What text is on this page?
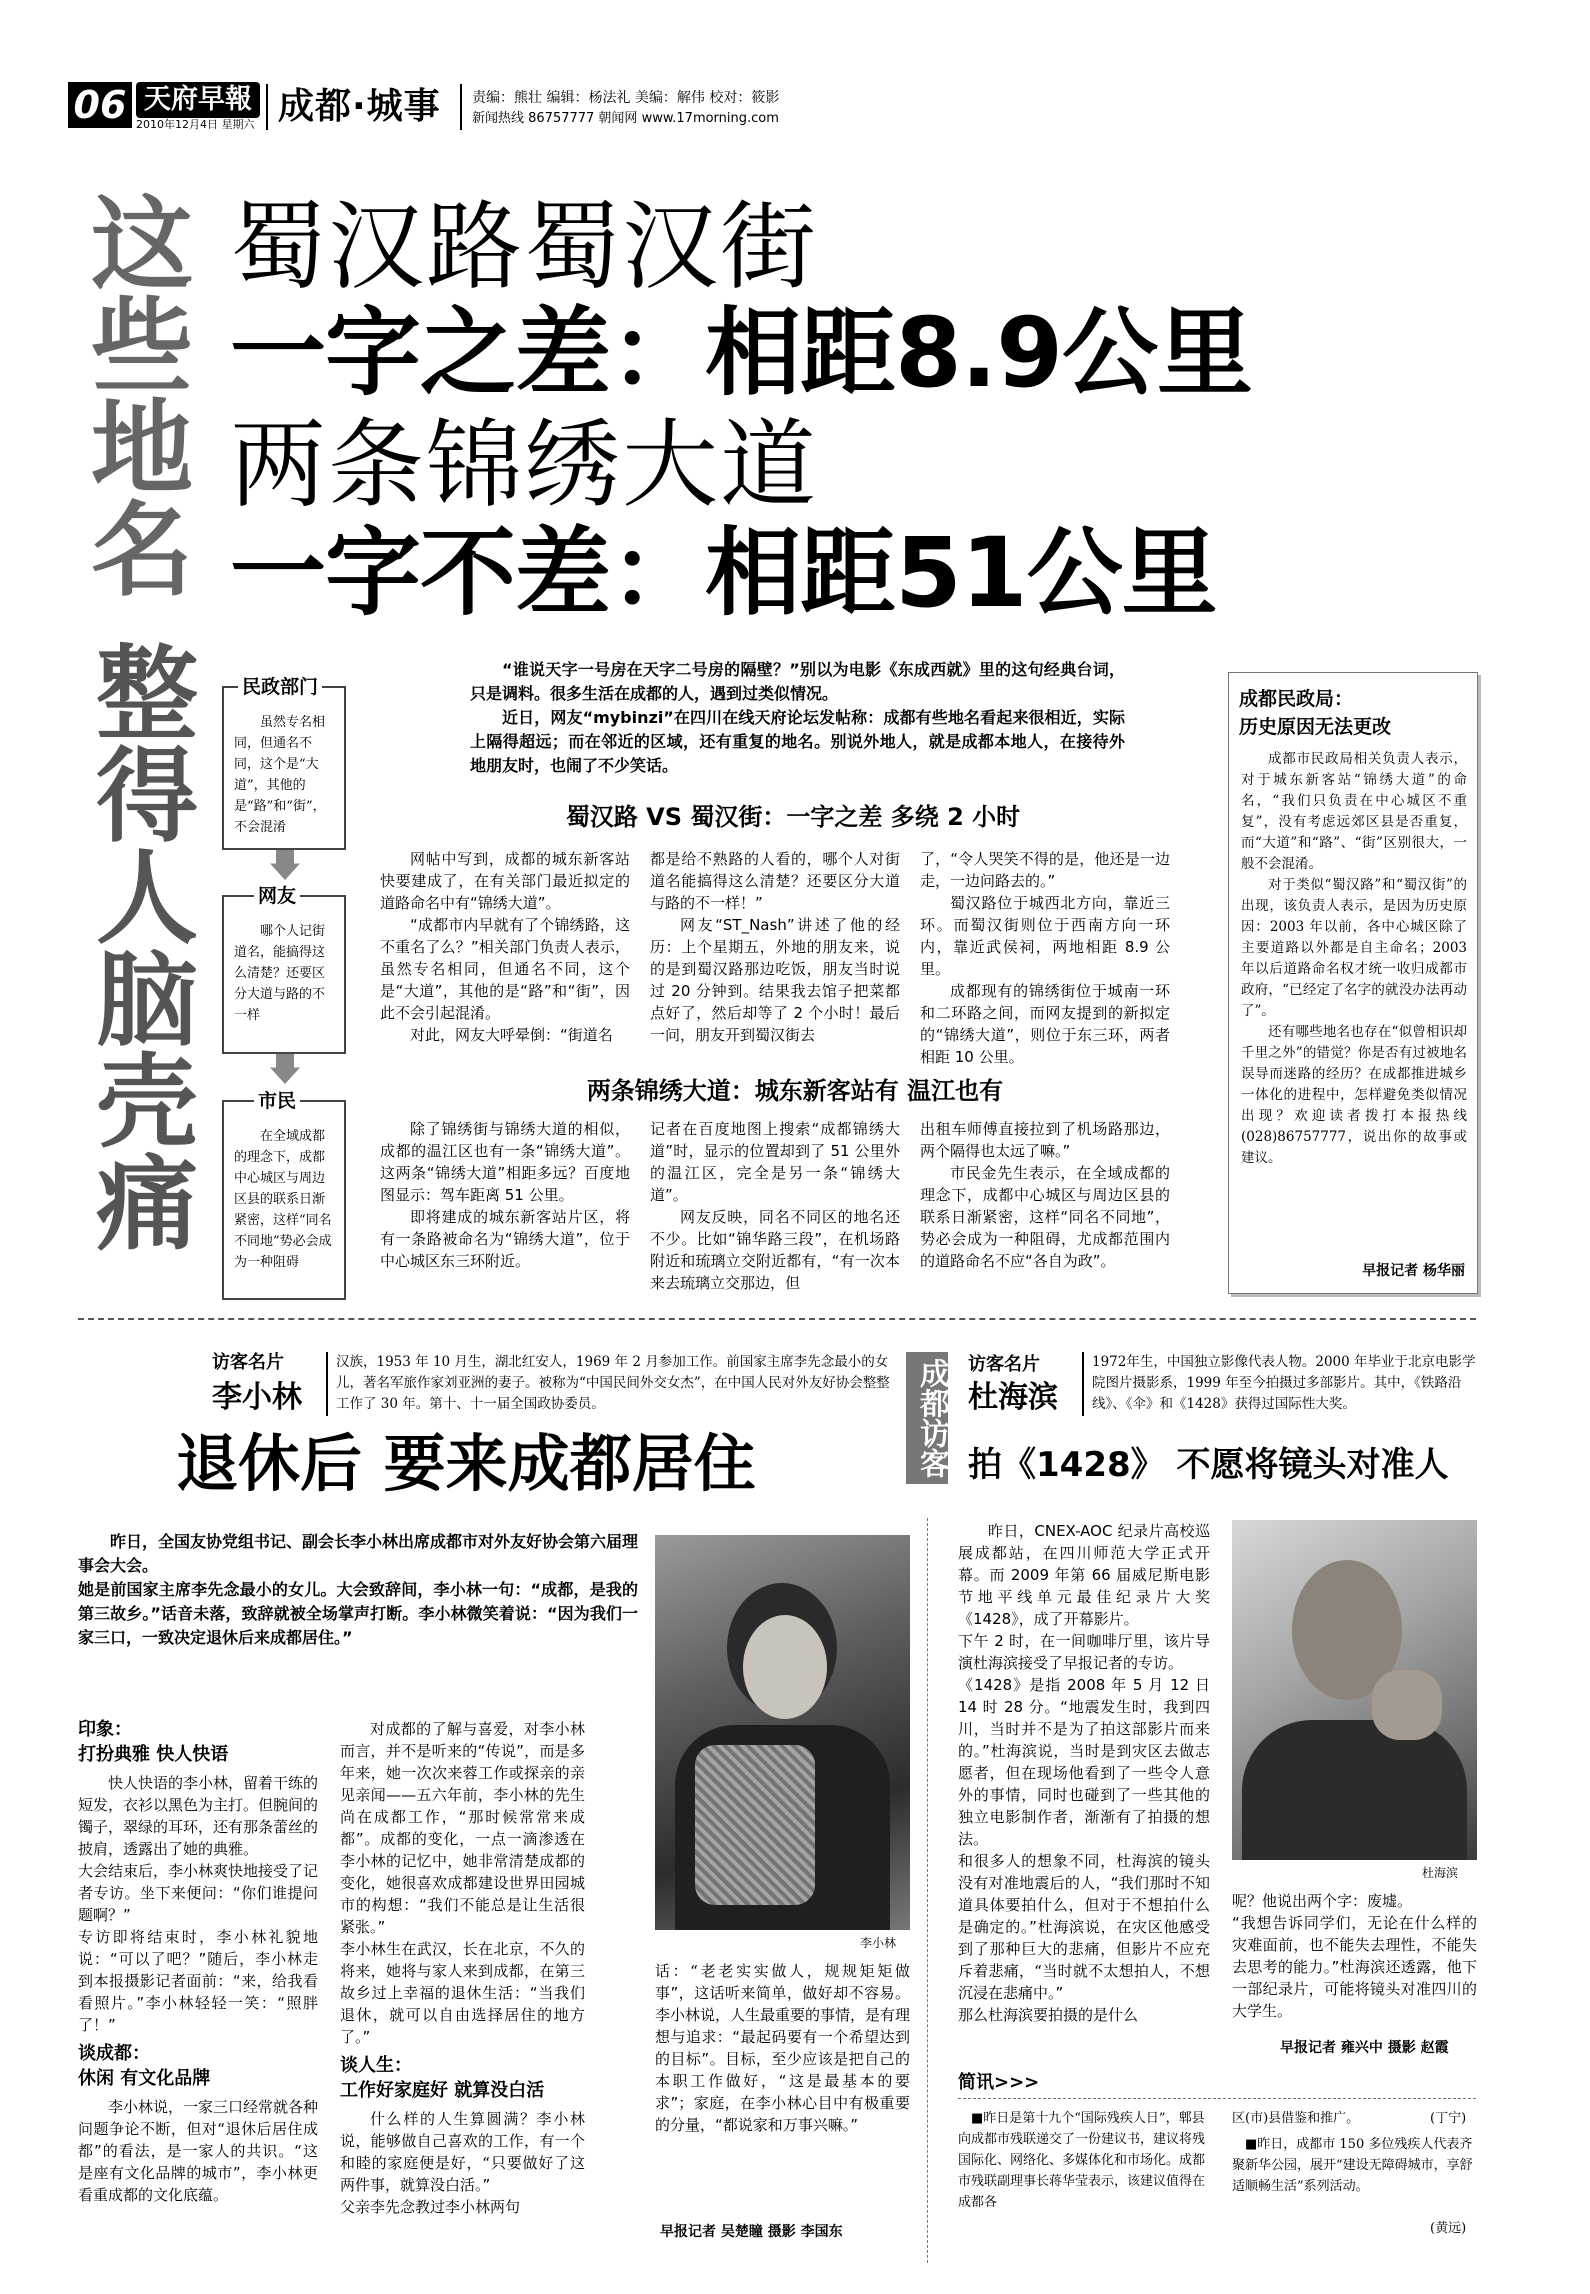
06 天府早報
2010年12月4日 星期六 成都·城事 责编：熊壮 编辑：杨法礼 美编：解伟 校对：筱影
新闻热线 86757777 朝闻网 www.17morning.com
这些地名
整得人脑壳痛
蜀汉路蜀汉街
一字之差：相距8.9公里
两条锦绣大道
一字不差：相距51公里
民政部门
虽然专名相同，但通名不同，这个是“大道”，其他的是“路”和“街”，不会混淆
网友
哪个人记街道名，能搞得这么清楚？还要区分大道与路的不一样
市民
在全域成都的理念下，成都中心城区与周边区县的联系日渐紧密，这样“同名不同地”势必会成为一种阻碍

“谁说天字一号房在天字二号房的隔壁？”别以为电影《东成西就》里的这句经典台词，只是调料。很多生活在成都的人，遇到过类似情况。

近日，网友“mybinzi”在四川在线天府论坛发帖称：成都有些地名看起来很相近，实际上隔得超远；而在邻近的区域，还有重复的地名。别说外地人，就是成都本地人，在接待外地朋友时，也闹了不少笑话。

蜀汉路 VS 蜀汉街：一字之差 多绕 2 小时

网帖中写到，成都的城东新客站快要建成了，在有关部门最近拟定的道路命名中有“锦绣大道”。

“成都市内早就有了个锦绣路，这不重名了么？”相关部门负责人表示，虽然专名相同，但通名不同，这个是“大道”，其他的是“路”和“街”，因此不会引起混淆。

对此，网友大呼晕倒：“街道名

都是给不熟路的人看的，哪个人对街道名能搞得这么清楚？还要区分大道与路的不一样！”

网友“ST_Nash”讲述了他的经历：上个星期五，外地的朋友来，说的是到蜀汉路那边吃饭，朋友当时说过 20 分钟到。结果我去馆子把菜都点好了，然后却等了 2 个小时！最后一问，朋友开到蜀汉街去

了，“令人哭笑不得的是，他还是一边走，一边问路去的。”

蜀汉路位于城西北方向，靠近三环。而蜀汉街则位于西南方向一环内，靠近武侯祠，两地相距 8.9 公里。

成都现有的锦绣街位于城南一环和二环路之间，而网友提到的新拟定的“锦绣大道”，则位于东三环，两者相距 10 公里。

两条锦绣大道：城东新客站有 温江也有

除了锦绣街与锦绣大道的相似，成都的温江区也有一条“锦绣大道”。这两条“锦绣大道”相距多远？百度地图显示：驾车距离 51 公里。

即将建成的城东新客站片区，将有一条路被命名为“锦绣大道”，位于中心城区东三环附近。

记者在百度地图上搜索“成都锦绣大道”时，显示的位置却到了 51 公里外的温江区，完全是另一条“锦绣大道”。

网友反映，同名不同区的地名还不少。比如“锦华路三段”，在机场路附近和琉璃立交附近都有，“有一次本来去琉璃立交那边，但

出租车师傅直接拉到了机场路那边，两个隔得也太远了嘛。”

市民金先生表示，在全域成都的理念下，成都中心城区与周边区县的联系日渐紧密，这样“同名不同地”，势必会成为一种阻碍，尤成都范围内的道路命名不应“各自为政”。

成都民政局：
历史原因无法更改

成都市民政局相关负责人表示，对于城东新客站“锦绣大道”的命名，“我们只负责在中心城区不重复”，没有考虑远郊区县是否重复，而“大道”和“路”、“街”区别很大，一般不会混淆。

对于类似“蜀汉路”和“蜀汉街”的出现，该负责人表示，是因为历史原因：2003 年以前，各中心城区除了主要道路以外都是自主命名；2003 年以后道路命名权才统一收归成都市政府，“已经定了名字的就没办法再动了”。

还有哪些地名也存在“似曾相识却千里之外”的错觉？你是否有过被地名误导而迷路的经历？在成都推进城乡一体化的进程中，怎样避免类似情况出现？欢迎读者拨打本报热线 (028)86757777，说出你的故事或建议。

早报记者 杨华丽
访客名片
李小林
汉族，1953 年 10 月生，湖北红安人，1969 年 2 月参加工作。前国家主席李先念最小的女儿，著名军旅作家刘亚洲的妻子。被称为“中国民间外交女杰”，在中国人民对外友好协会整整工作了 30 年。第十、十一届全国政协委员。
退休后 要来成都居住

昨日，全国友协党组书记、副会长李小林出席成都市对外友好协会第六届理事会大会。
她是前国家主席李先念最小的女儿。大会致辞间，李小林一句：“成都，是我的第三故乡。”话音未落，致辞就被全场掌声打断。李小林微笑着说：“因为我们一家三口，一致决定退休后来成都居住。”

李小林
印象：
打扮典雅 快人快语

快人快语的李小林，留着干练的短发，衣衫以黑色为主打。但腕间的镯子，翠绿的耳环，还有那条蕾丝的披肩，透露出了她的典雅。
大会结束后，李小林爽快地接受了记者专访。坐下来便问：“你们谁提问题啊？”
专访即将结束时，李小林礼貌地说：“可以了吧？”随后，李小林走到本报摄影记者面前：“来，给我看看照片。”李小林轻轻一笑：“照胖了！”

谈成都：
休闲 有文化品牌

李小林说，一家三口经常就各种问题争论不断，但对“退休后居住成都”的看法，是一家人的共识。“这是座有文化品牌的城市”，李小林更看重成都的文化底蕴。

对成都的了解与喜爱，对李小林而言，并不是听来的“传说”，而是多年来，她一次次来蓉工作或探亲的亲见亲闻——五六年前，李小林的先生尚在成都工作，“那时候常常来成都”。成都的变化，一点一滴渗透在李小林的记忆中，她非常清楚成都的变化，她很喜欢成都建设世界田园城市的构想：“我们不能总是让生活很紧张。”
李小林生在武汉，长在北京，不久的将来，她将与家人来到成都，在第三故乡过上幸福的退休生活：“当我们退休，就可以自由选择居住的地方了。”

谈人生：
工作好家庭好 就算没白活

什么样的人生算圆满？李小林说，能够做自己喜欢的工作，有一个和睦的家庭便是好，“只要做好了这两件事，就算没白活。”
父亲李先念教过李小林两句

话：“老老实实做人，规规矩矩做事”，这话听来简单，做好却不容易。李小林说，人生最重要的事情，是有理想与追求：“最起码要有一个希望达到的目标”。目标，至少应该是把自己的本职工作做好，“这是最基本的要求”；家庭，在李小林心目中有极重要的分量，“都说家和万事兴嘛。”

早报记者 吴楚瞳 摄影 李国东
成都访客 访客名片
杜海滨
1972年生，中国独立影像代表人物。2000 年毕业于北京电影学院图片摄影系，1999 年至今拍摄过多部影片。其中，《铁路沿线》、《伞》和《1428》获得过国际性大奖。
拍《1428》 不愿将镜头对准人

昨日，CNEX-AOC 纪录片高校巡展成都站，在四川师范大学正式开幕。而 2009 年第 66 届威尼斯电影节地平线单元最佳纪录片大奖《1428》，成了开幕影片。
下午 2 时，在一间咖啡厅里，该片导演杜海滨接受了早报记者的专访。
《1428》是指 2008 年 5 月 12 日 14 时 28 分。“地震发生时，我到四川，当时并不是为了拍这部影片而来的。”杜海滨说，当时是到灾区去做志愿者，但在现场他看到了一些令人意外的事情，同时也碰到了一些其他的独立电影制作者，渐渐有了拍摄的想法。
和很多人的想象不同，杜海滨的镜头没有对准地震后的人，“我们那时不知道具体要拍什么，但对于不想拍什么是确定的。”杜海滨说，在灾区他感受到了那种巨大的悲痛，但影片不应充斥着悲痛，“当时就不太想拍人，不想沉浸在悲痛中。”
那么杜海滨要拍摄的是什么

杜海滨

呢？他说出两个字：废墟。
“我想告诉同学们，无论在什么样的灾难面前，也不能失去理性，不能失去思考的能力。”杜海滨还透露，他下一部纪录片，可能将镜头对准四川的大学生。

早报记者 雍兴中 摄影 赵霞
简讯>>>
■昨日是第十九个“国际残疾人日”，郫县向成都市残联递交了一份建议书，建议将残国际化、网络化、多媒体化和市场化。成都市残联副理事长蒋华莹表示，该建议值得在成都各
区(市)县借鉴和推广。	(丁宁)
■昨日，成都市 150 多位残疾人代表齐聚新华公园，展开“建设无障碍城市，享舒适顺畅生活”系列活动。
(黄远)
